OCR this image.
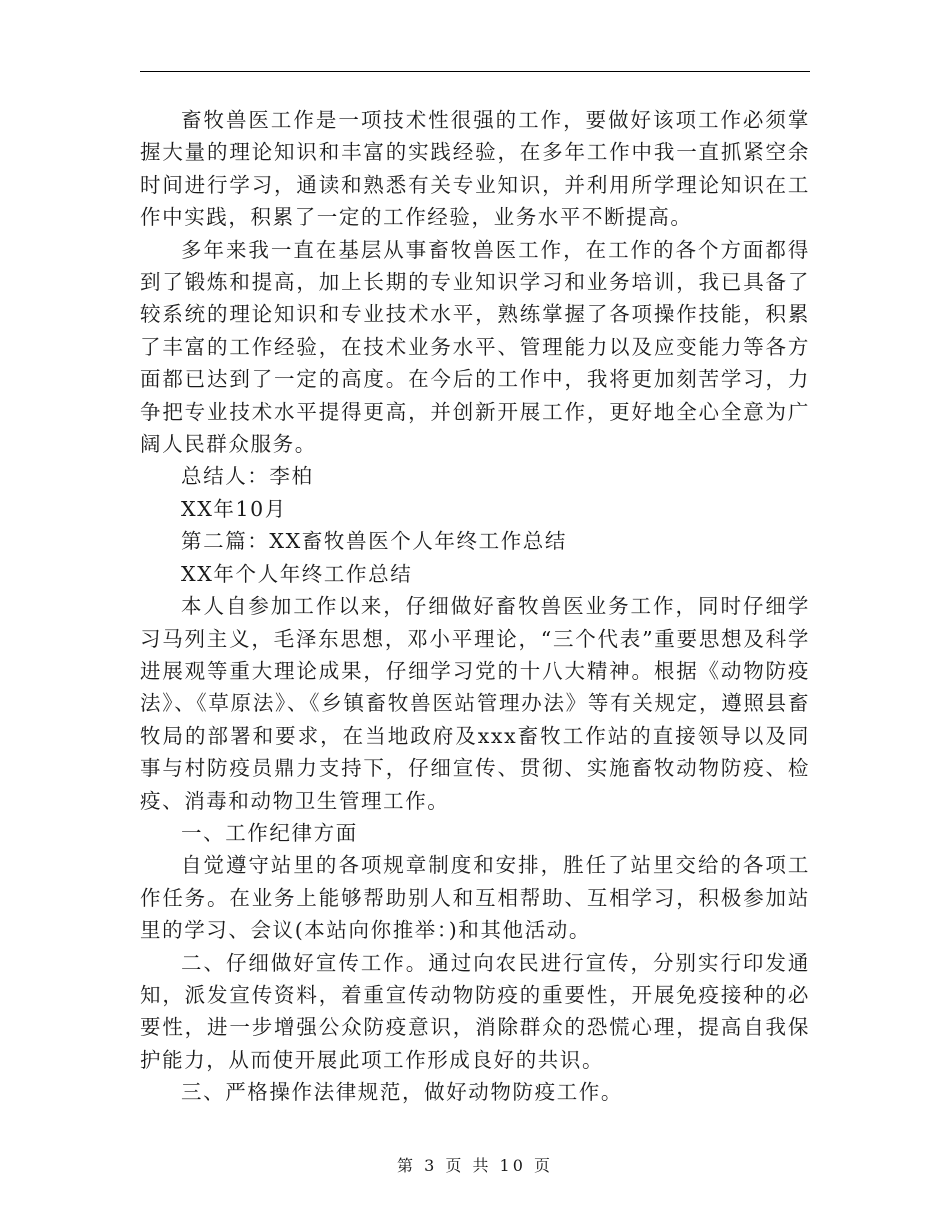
畜牧兽医工作是一项技术性很强的工作，要做好该项工作必须掌握大量的理论知识和丰富的实践经验，在多年工作中我一直抓紧空余时间进行学习，通读和熟悉有关专业知识，并利用所学理论知识在工作中实践，积累了一定的工作经验，业务水平不断提高。

多年来我一直在基层从事畜牧兽医工作，在工作的各个方面都得到了锻炼和提高，加上长期的专业知识学习和业务培训，我已具备了较系统的理论知识和专业技术水平，熟练掌握了各项操作技能，积累了丰富的工作经验，在技术业务水平、管理能力以及应变能力等各方面都已达到了一定的高度。在今后的工作中，我将更加刻苦学习，力争把专业技术水平提得更高，并创新开展工作，更好地全心全意为广阔人民群众服务。

总结人：李柏

XX年10月

第二篇：XX畜牧兽医个人年终工作总结

XX年个人年终工作总结

本人自参加工作以来，仔细做好畜牧兽医业务工作，同时仔细学习马列主义，毛泽东思想，邓小平理论，“三个代表”重要思想及科学进展观等重大理论成果，仔细学习党的十八大精神。根据《动物防疫法》、《草原法》、《乡镇畜牧兽医站管理办法》等有关规定，遵照县畜牧局的部署和要求，在当地政府及xxx畜牧工作站的直接领导以及同事与村防疫员鼎力支持下，仔细宣传、贯彻、实施畜牧动物防疫、检疫、消毒和动物卫生管理工作。

一、工作纪律方面

自觉遵守站里的各项规章制度和安排，胜任了站里交给的各项工作任务。在业务上能够帮助别人和互相帮助、互相学习，积极参加站里的学习、会议(本站向你推举：)和其他活动。

二、仔细做好宣传工作。通过向农民进行宣传，分别实行印发通知，派发宣传资料，着重宣传动物防疫的重要性，开展免疫接种的必要性，进一步增强公众防疫意识，消除群众的恐慌心理，提高自我保护能力，从而使开展此项工作形成良好的共识。

三、严格操作法律规范，做好动物防疫工作。

第 3 页 共 10 页
